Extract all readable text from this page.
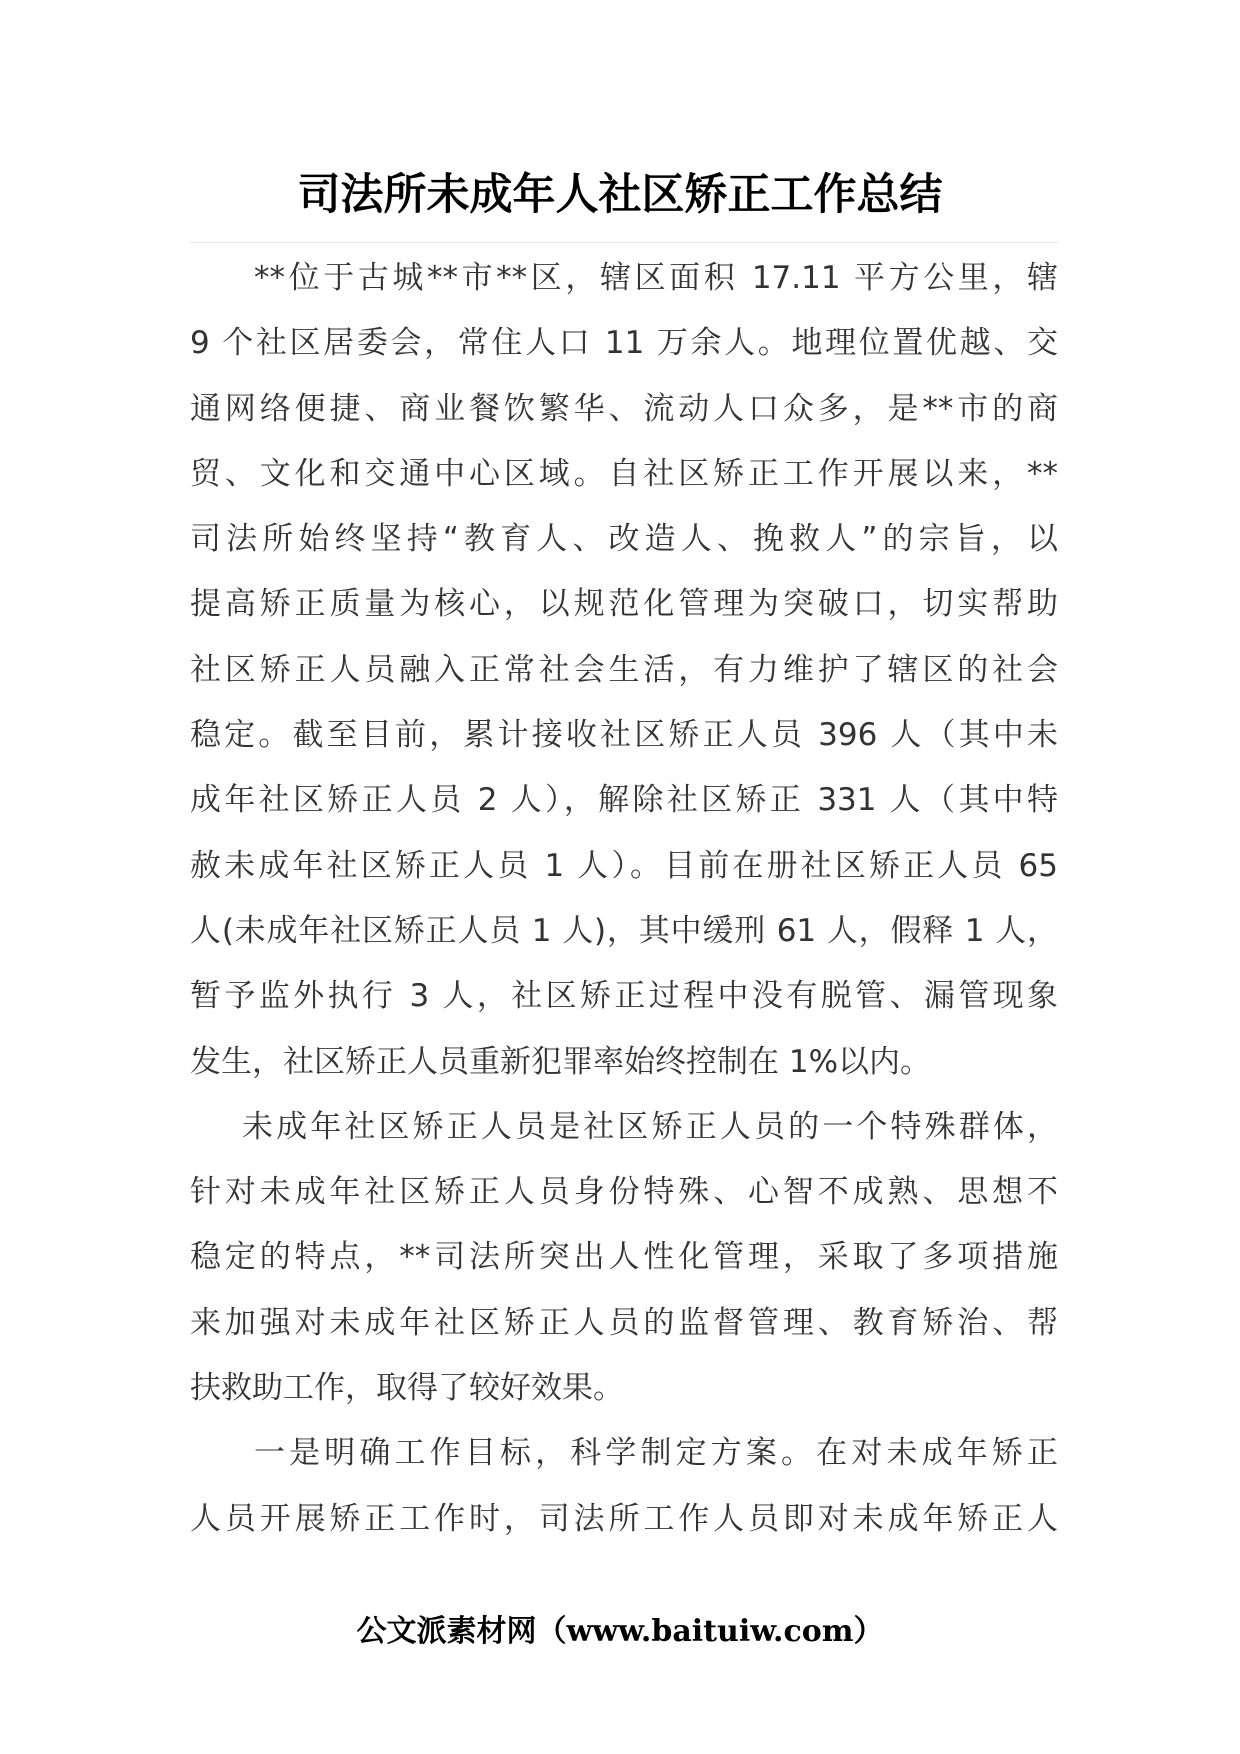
司法所未成年人社区矫正工作总结
**位于古城**市**区，辖区面积 17.11 平方公里，辖
9 个社区居委会，常住人口 11 万余人。地理位置优越、交
通网络便捷、商业餐饮繁华、流动人口众多，是**市的商
贸、文化和交通中心区域。自社区矫正工作开展以来，**
司法所始终坚持“教育人、改造人、挽救人”的宗旨，以
提高矫正质量为核心，以规范化管理为突破口，切实帮助
社区矫正人员融入正常社会生活，有力维护了辖区的社会
稳定。截至目前，累计接收社区矫正人员 396 人（其中未
成年社区矫正人员 2 人），解除社区矫正 331 人（其中特
赦未成年社区矫正人员 1 人）。目前在册社区矫正人员 65
人(未成年社区矫正人员 1 人)，其中缓刑 61 人，假释 1 人，
暂予监外执行 3 人，社区矫正过程中没有脱管、漏管现象
发生，社区矫正人员重新犯罪率始终控制在 1%以内。
未成年社区矫正人员是社区矫正人员的一个特殊群体，
针对未成年社区矫正人员身份特殊、心智不成熟、思想不
稳定的特点，**司法所突出人性化管理，采取了多项措施
来加强对未成年社区矫正人员的监督管理、教育矫治、帮
扶救助工作，取得了较好效果。
一是明确工作目标，科学制定方案。在对未成年矫正
人员开展矫正工作时，司法所工作人员即对未成年矫正人
公文派素材网（www.baituiw.com）
